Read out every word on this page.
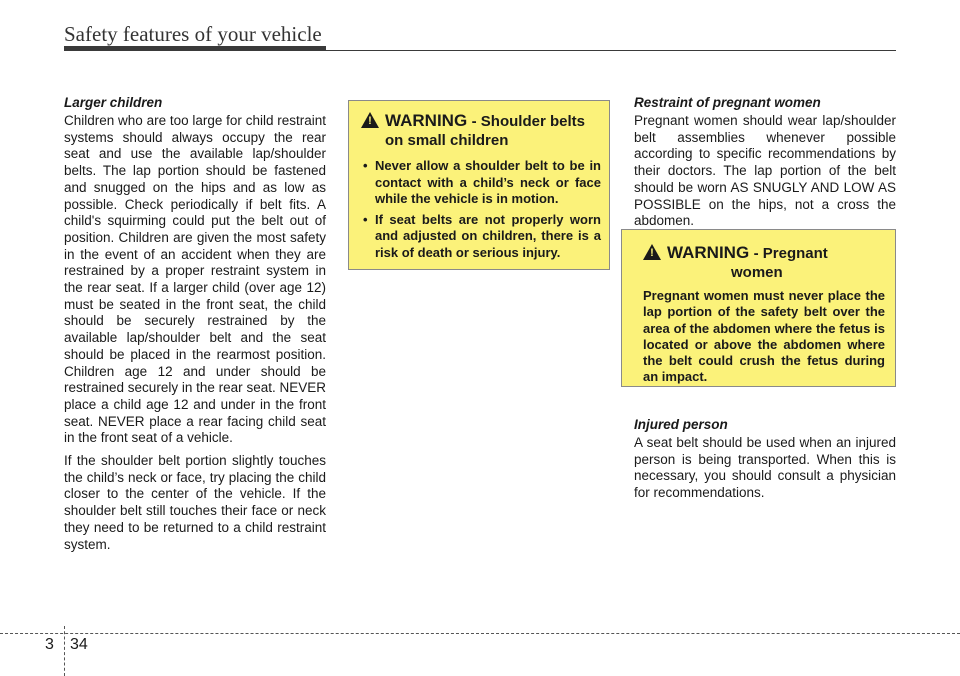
Safety features of your vehicle
Larger children

Children who are too large for child restraint systems should always occupy the rear seat and use the available lap/shoulder belts. The lap portion should be fastened and snugged on the hips and as low as possible. Check periodically if belt fits. A child's squirming could put the belt out of position. Children are given the most safety in the event of an accident when they are restrained by a proper restraint system in the rear seat. If a larger child (over age 12) must be seated in the front seat, the child should be securely restrained by the available lap/shoulder belt and the seat should be placed in the rearmost position. Children age 12 and under should be restrained securely in the rear seat. NEVER place a child age 12 and under in the front seat. NEVER place a rear facing child seat in the front seat of a vehicle.

If the shoulder belt portion slightly touches the child’s neck or face, try placing the child closer to the center of the vehicle. If the shoulder belt still touches their face or neck they need to be returned to a child restraint system.

! WARNING - Shoulder belts
on small children
• Never allow a shoulder belt to be in contact with a child’s neck or face while the vehicle is in motion.
• If seat belts are not properly worn and adjusted on children, there is a risk of death or serious injury.
Restraint of pregnant women

Pregnant women should wear lap/shoulder belt assemblies whenever possible according to specific recommendations by their doctors. The lap portion of the belt should be worn AS SNUGLY AND LOW AS POSSIBLE on the hips, not a cross the abdomen.

! WARNING - Pregnant
women
Pregnant women must never place the lap portion of the safety belt over the area of the abdomen where the fetus is located or above the abdomen where the belt could crush the fetus during an impact.
Injured person

A seat belt should be used when an injured person is being transported. When this is necessary, you should consult a physician for recommendations.

3 34
